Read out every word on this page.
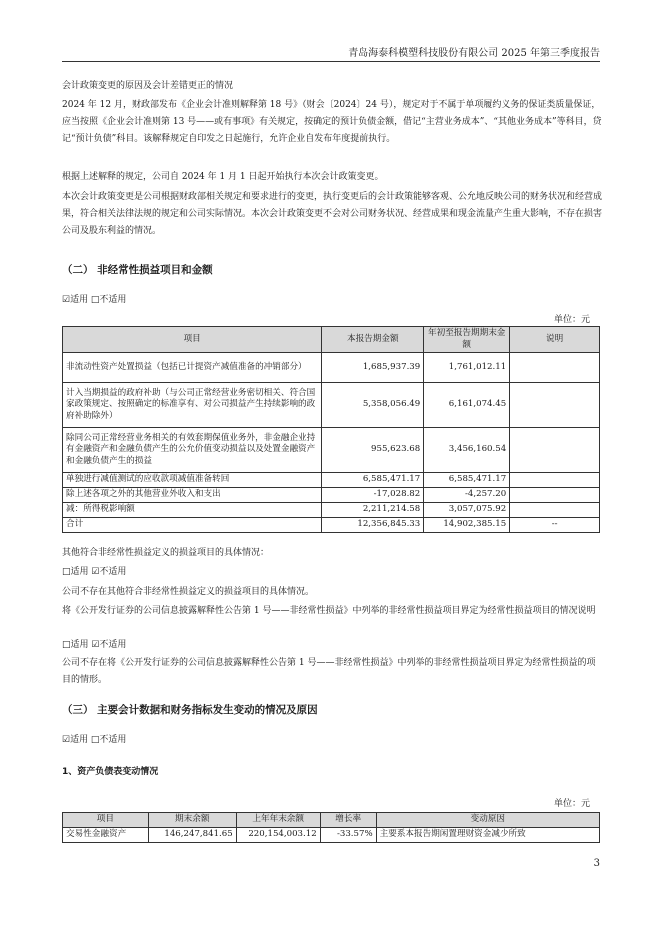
青岛海泰科模塑科技股份有限公司 2025 年第三季度报告

会计政策变更的原因及会计差错更正的情况

2024 年 12 月，财政部发布《企业会计准则解释第 18 号》（财会〔2024〕24 号），规定对于不属于单项履约义务的保证类质量保证，应当按照《企业会计准则第 13 号——或有事项》有关规定，按确定的预计负债金额，借记“主营业务成本”、“其他业务成本”等科目，贷记“预计负债”科目。该解释规定自印发之日起施行，允许企业自发布年度提前执行。

根据上述解释的规定，公司自 2024 年 1 月 1 日起开始执行本次会计政策变更。

本次会计政策变更是公司根据财政部相关规定和要求进行的变更，执行变更后的会计政策能够客观、公允地反映公司的财务状况和经营成果，符合相关法律法规的规定和公司实际情况。本次会计政策变更不会对公司财务状况、经营成果和现金流量产生重大影响，不存在损害公司及股东利益的情况。

（二） 非经常性损益项目和金额
☑适用 □不适用
单位：元
项目	本报告期金额	年初至报告期期末金额	说明
非流动性资产处置损益（包括已计提资产减值准备的冲销部分）	1,685,937.39	1,761,012.11	
计入当期损益的政府补助（与公司正常经营业务密切相关、符合国家政策规定、按照确定的标准享有、对公司损益产生持续影响的政府补助除外）	5,358,056.49	6,161,074.45	
除同公司正常经营业务相关的有效套期保值业务外，非金融企业持有金融资产和金融负债产生的公允价值变动损益以及处置金融资产和金融负债产生的损益	955,623.68	3,456,160.54	
单独进行减值测试的应收款项减值准备转回	6,585,471.17	6,585,471.17	
除上述各项之外的其他营业外收入和支出	-17,028.82	-4,257.20	
减：所得税影响额	2,211,214.58	3,057,075.92	
合计	12,356,845.33	14,902,385.15	--

其他符合非经常性损益定义的损益项目的具体情况：

□适用 ☑不适用

公司不存在其他符合非经常性损益定义的损益项目的具体情况。

将《公开发行证券的公司信息披露解释性公告第 1 号——非经常性损益》中列举的非经常性损益项目界定为经常性损益项目的情况说明

□适用 ☑不适用

公司不存在将《公开发行证券的公司信息披露解释性公告第 1 号——非经常性损益》中列举的非经常性损益项目界定为经常性损益的项目的情形。

（三） 主要会计数据和财务指标发生变动的情况及原因
☑适用 □不适用
1、资产负债表变动情况
单位：元
项目	期末余额	上年年末余额	增长率	变动原因
交易性金融资产	146,247,841.65	220,154,003.12	-33.57%	主要系本报告期闲置理财资金减少所致
3
